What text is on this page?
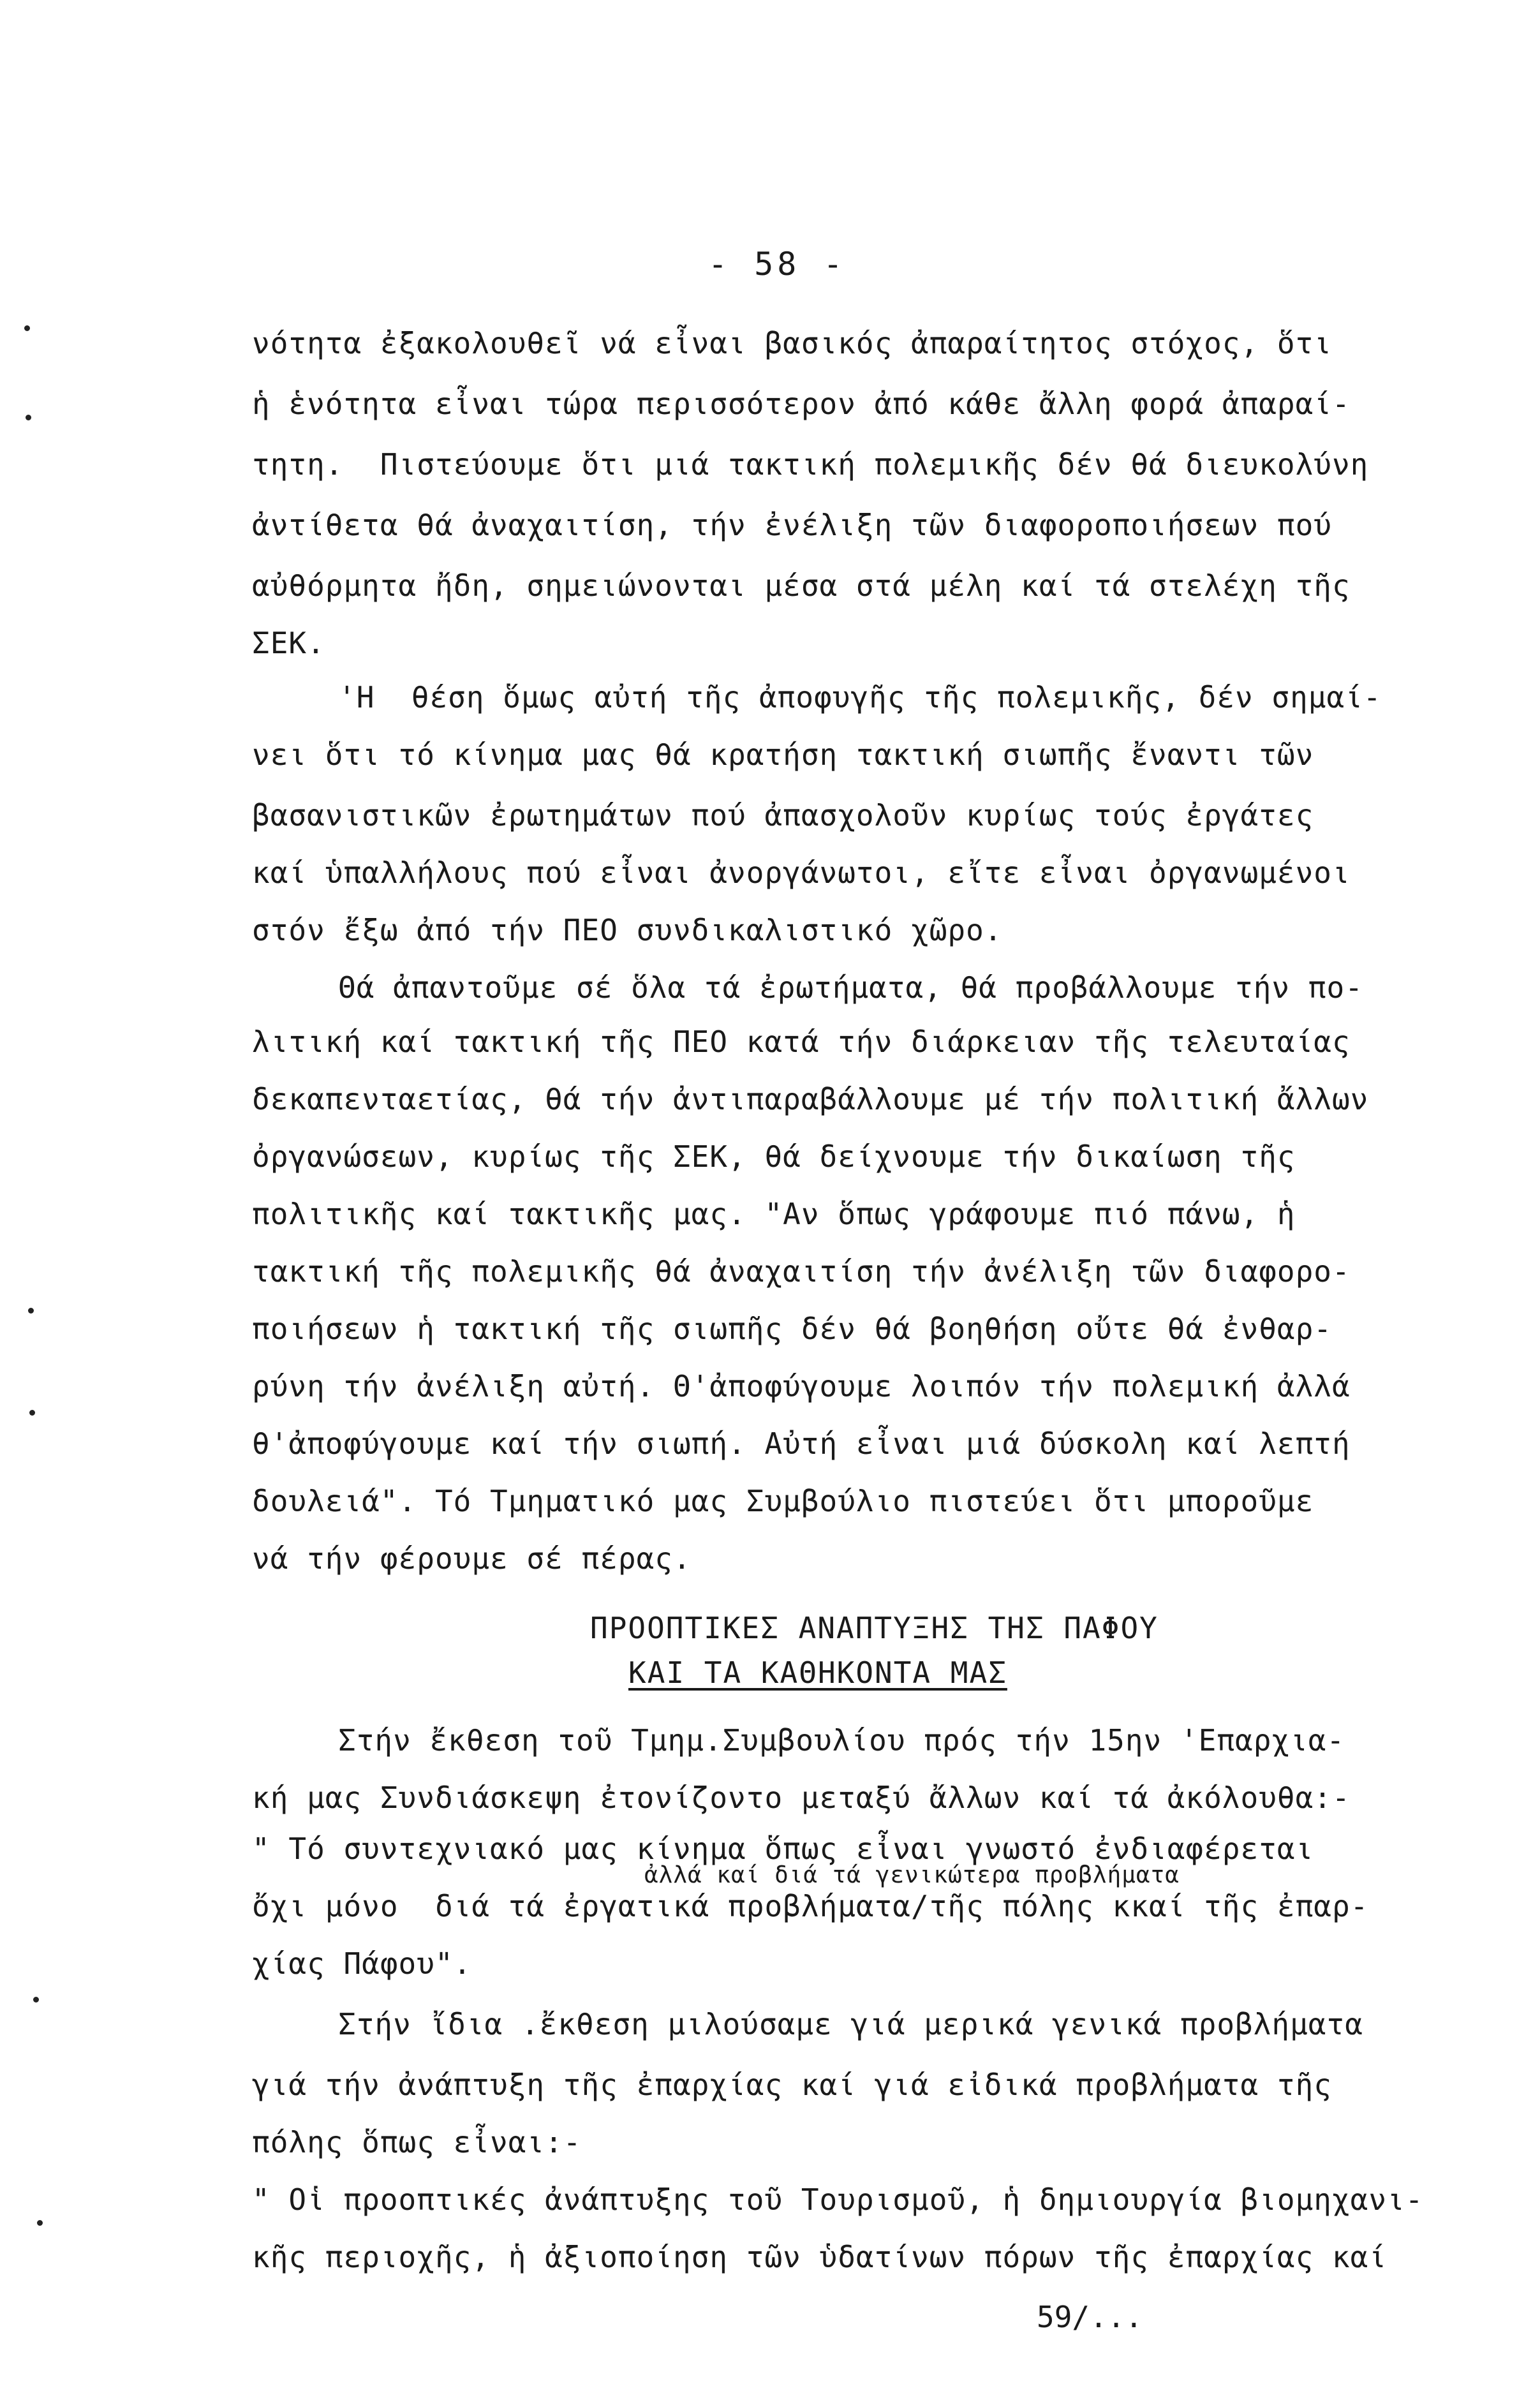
- 58 -
νότητα ἐξακολουθεῖ νά εἶναι βασικός ἀπαραίτητος στόχος, ὅτι
ἡ ἑνότητα εἶναι τώρα περισσότερον ἀπό κάθε ἄλλη φορά ἀπαραί-
τητη.  Πιστεύουμε ὅτι μιά τακτική πολεμικῆς δέν θά διευκολύνη
ἀντίθετα θά ἀναχαιτίση, τήν ἐνέλιξη τῶν διαφοροποιήσεων πού
αὐθόρμητα ἤδη, σημειώνονται μέσα στά μέλη καί τά στελέχη τῆς
ΣΕΚ.
'Η  θέση ὅμως αὐτή τῆς ἀποφυγῆς τῆς πολεμικῆς, δέν σημαί-
νει ὅτι τό κίνημα μας θά κρατήση τακτική σιωπῆς ἔναντι τῶν
βασανιστικῶν ἐρωτημάτων πού ἀπασχολοῦν κυρίως τούς ἐργάτες
καί ὑπαλλήλους πού εἶναι ἀνοργάνωτοι, εἴτε εἶναι ὀργανωμένοι
στόν ἔξω ἀπό τήν ΠΕΟ συνδικαλιστικό χῶρο.
Θά ἀπαντοῦμε σέ ὅλα τά ἐρωτήματα, θά προβάλλουμε τήν πο-
λιτική καί τακτική τῆς ΠΕΟ κατά τήν διάρκειαν τῆς τελευταίας
δεκαπενταετίας, θά τήν ἀντιπαραβάλλουμε μέ τήν πολιτική ἄλλων
ὀργανώσεων, κυρίως τῆς ΣΕΚ, θά δείχνουμε τήν δικαίωση τῆς
πολιτικῆς καί τακτικῆς μας. "Αν ὅπως γράφουμε πιό πάνω, ἡ
τακτική τῆς πολεμικῆς θά ἀναχαιτίση τήν ἀνέλιξη τῶν διαφορο-
ποιήσεων ἡ τακτική τῆς σιωπῆς δέν θά βοηθήση οὔτε θά ἐνθαρ-
ρύνη τήν ἀνέλιξη αὐτή. Θ'ἀποφύγουμε λοιπόν τήν πολεμική ἀλλά
θ'ἀποφύγουμε καί τήν σιωπή. Αὐτή εἶναι μιά δύσκολη καί λεπτή
δουλειά". Τό Τμηματικό μας Συμβούλιο πιστεύει ὅτι μποροῦμε
νά τήν φέρουμε σέ πέρας.
ΠΡΟΟΠΤΙΚΕΣ ΑΝΑΠΤΥΞΗΣ ΤΗΣ ΠΑΦΟΥ
ΚΑΙ ΤΑ ΚΑΘΗΚΟΝΤΑ ΜΑΣ
Στήν ἔκθεση τοῦ Τμημ.Συμβουλίου πρός τήν 15ην 'Επαρχια-
κή μας Συνδιάσκεψη ἐτονίζοντο μεταξύ ἄλλων καί τά ἀκόλουθα:-
" Τό συντεχνιακό μας κίνημα ὅπως εἶναι γνωστό ἐνδιαφέρεται
ἀλλά καί διά τά γενικώτερα προβλήματα
ὄχι μόνο  διά τά ἐργατικά προβλήματα/τῆς πόλης κκαί τῆς ἐπαρ-
χίας Πάφου".
Στήν ἴδια .ἔκθεση μιλούσαμε γιά μερικά γενικά προβλήματα
γιά τήν ἀνάπτυξη τῆς ἐπαρχίας καί γιά εἰδικά προβλήματα τῆς
πόλης ὅπως εἶναι:-
" Οἱ προοπτικές ἀνάπτυξης τοῦ Τουρισμοῦ, ἡ δημιουργία βιομηχανι-
κῆς περιοχῆς, ἡ ἀξιοποίηση τῶν ὑδατίνων πόρων τῆς ἐπαρχίας καί
59/...
